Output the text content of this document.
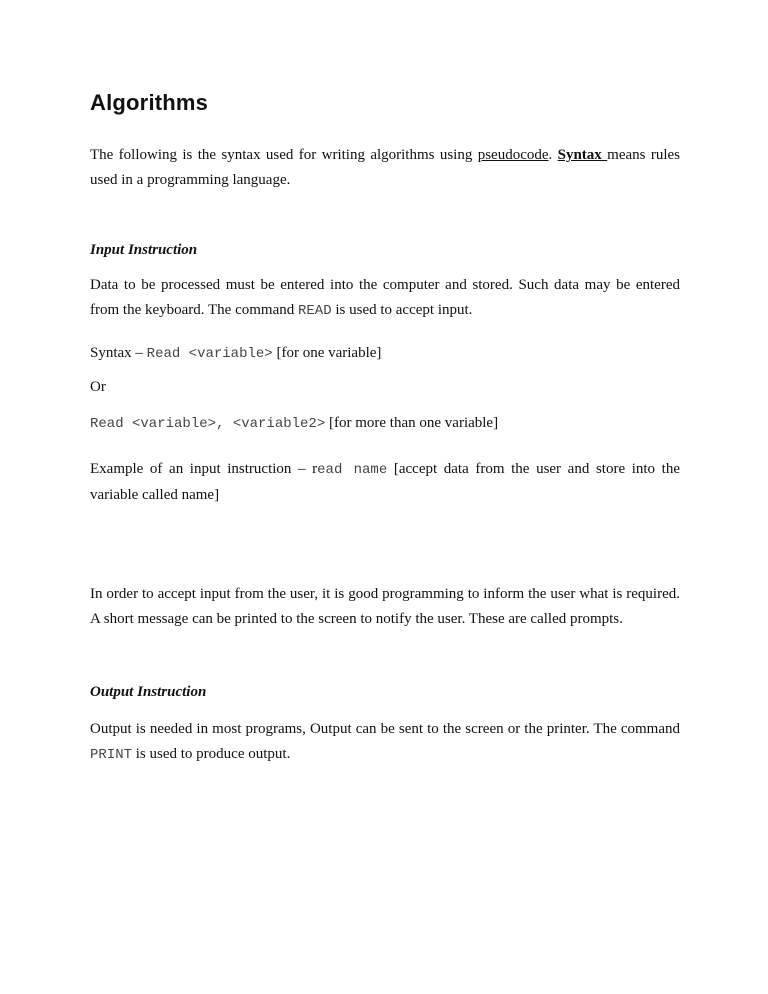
Algorithms

The following is the syntax used for writing algorithms using pseudocode. Syntax means rules used in a programming language.

Input Instruction

Data to be processed must be entered into the computer and stored. Such data may be entered from the keyboard. The command READ is used to accept input.

Syntax – Read <variable> [for one variable]

Or

Read <variable>, <variable2> [for more than one variable]

Example of an input instruction – read name [accept data from the user and store into the variable called name]

In order to accept input from the user, it is good programming to inform the user what is required. A short message can be printed to the screen to notify the user. These are called prompts.

Output Instruction

Output is needed in most programs, Output can be sent to the screen or the printer. The command PRINT is used to produce output.
